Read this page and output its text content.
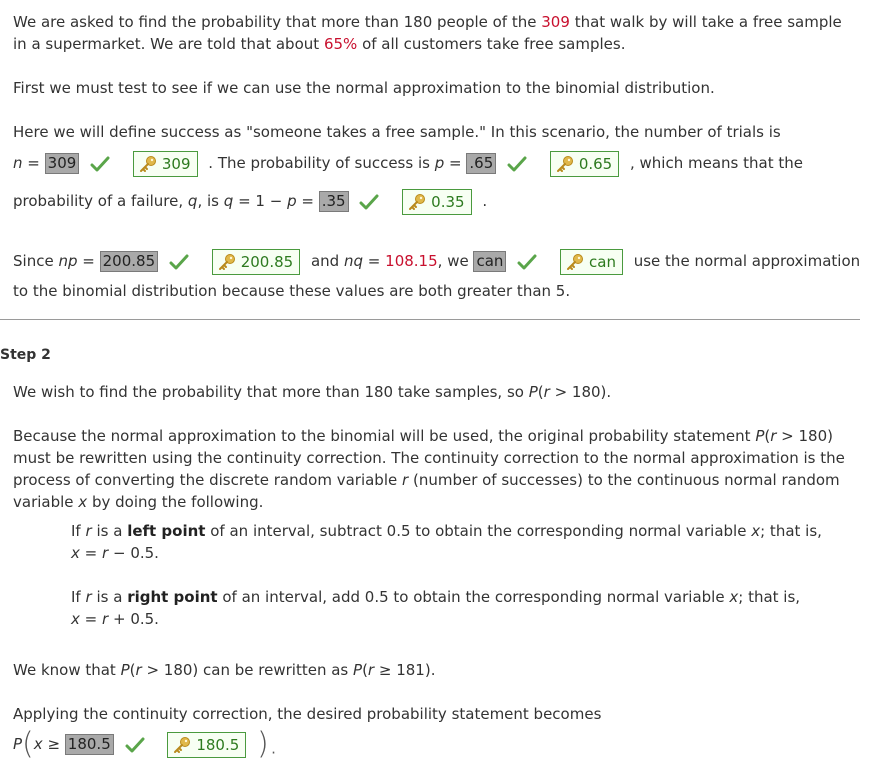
We are asked to find the probability that more than 180 people of the 309 that walk by will take a free sample
in a supermarket. We are told that about 65% of all customers take free samples.
First we must test to see if we can use the normal approximation to the binomial distribution.
Here we will define success as "someone takes a free sample." In this scenario, the number of trials is
n = 309	309 . The probability of success is p = .65	0.65 , which means that the
probability of a failure, q, is q = 1 − p = .35	0.35 .
Since np = 200.85	200.85 and nq = 108.15, we can	can use the normal approximation
to the binomial distribution because these values are both greater than 5.
Step 2
We wish to find the probability that more than 180 take samples, so P(r > 180).
Because the normal approximation to the binomial will be used, the original probability statement P(r > 180)
must be rewritten using the continuity correction. The continuity correction to the normal approximation is the
process of converting the discrete random variable r (number of successes) to the continuous normal random
variable x by doing the following.
If r is a left point of an interval, subtract 0.5 to obtain the corresponding normal variable x; that is,
x = r − 0.5.
If r is a right point of an interval, add 0.5 to obtain the corresponding normal variable x; that is,
x = r + 0.5.
We know that P(r > 180) can be rewritten as P(r ≥ 181).
Applying the continuity correction, the desired probability statement becomes
P(x ≥ 180.5	180.5 ).
